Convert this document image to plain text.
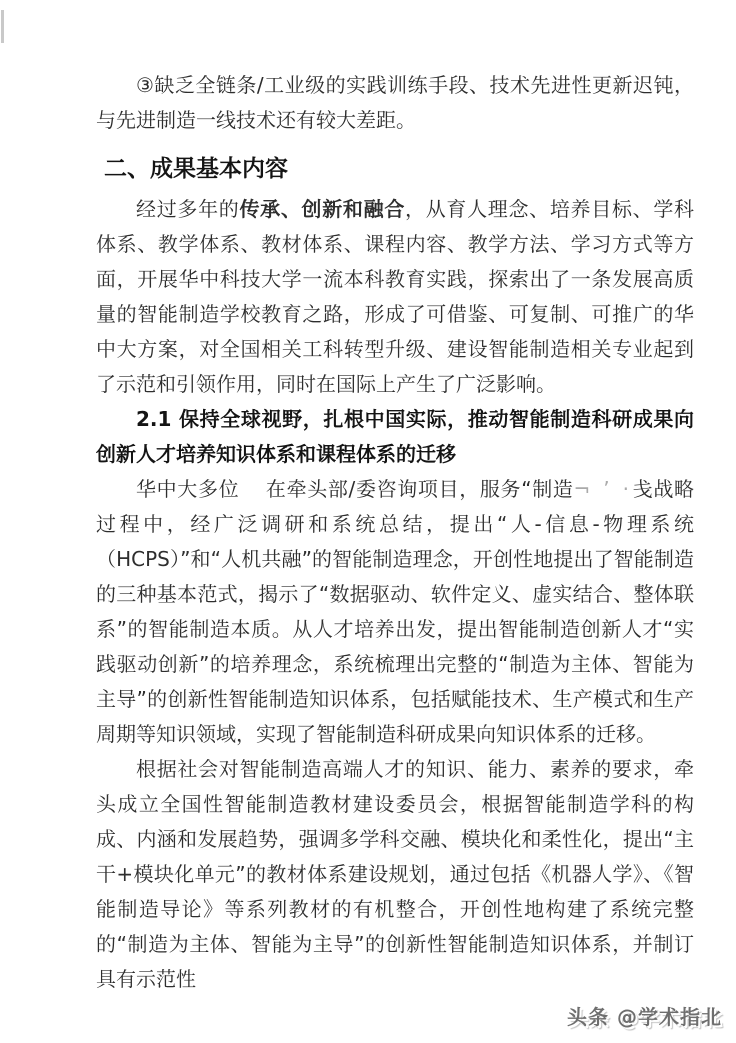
③缺乏全链条/工业级的实践训练手段、技术先进性更新迟钝，与先进制造一线技术还有较大差距。

二、成果基本内容

经过多年的传承、创新和融合，从育人理念、培养目标、学科体系、教学体系、教材体系、课程内容、教学方法、学习方式等方面，开展华中科技大学一流本科教育实践，探索出了一条发展高质量的智能制造学校教育之路，形成了可借鉴、可复制、可推广的华中大方案，对全国相关工科转型升级、建设智能制造相关专业起到了示范和引领作用，同时在国际上产生了广泛影响。

2.1 保持全球视野，扎根中国实际，推动智能制造科研成果向创新人才培养知识体系和课程体系的迁移

华中大多位 在牵头部/委咨询项目，服务“制造¬ ’ ·戋战略过程中，经广泛调研和系统总结，提出“人-信息-物理系统（HCPS）”和“人机共融”的智能制造理念，开创性地提出了智能制造的三种基本范式，揭示了“数据驱动、软件定义、虚实结合、整体联系”的智能制造本质。从人才培养出发，提出智能制造创新人才“实践驱动创新”的培养理念，系统梳理出完整的“制造为主体、智能为主导”的创新性智能制造知识体系，包括赋能技术、生产模式和生产周期等知识领域，实现了智能制造科研成果向知识体系的迁移。

根据社会对智能制造高端人才的知识、能力、素养的要求，牵头成立全国性智能制造教材建设委员会，根据智能制造学科的构成、内涵和发展趋势，强调多学科交融、模块化和柔性化，提出“主干+模块化单元”的教材体系建设规划，通过包括《机器人学》、《智能制造导论》等系列教材的有机整合，开创性地构建了系统完整的“制造为主体、智能为主导”的创新性智能制造知识体系，并制订具有示范性

头条 @学术指北
